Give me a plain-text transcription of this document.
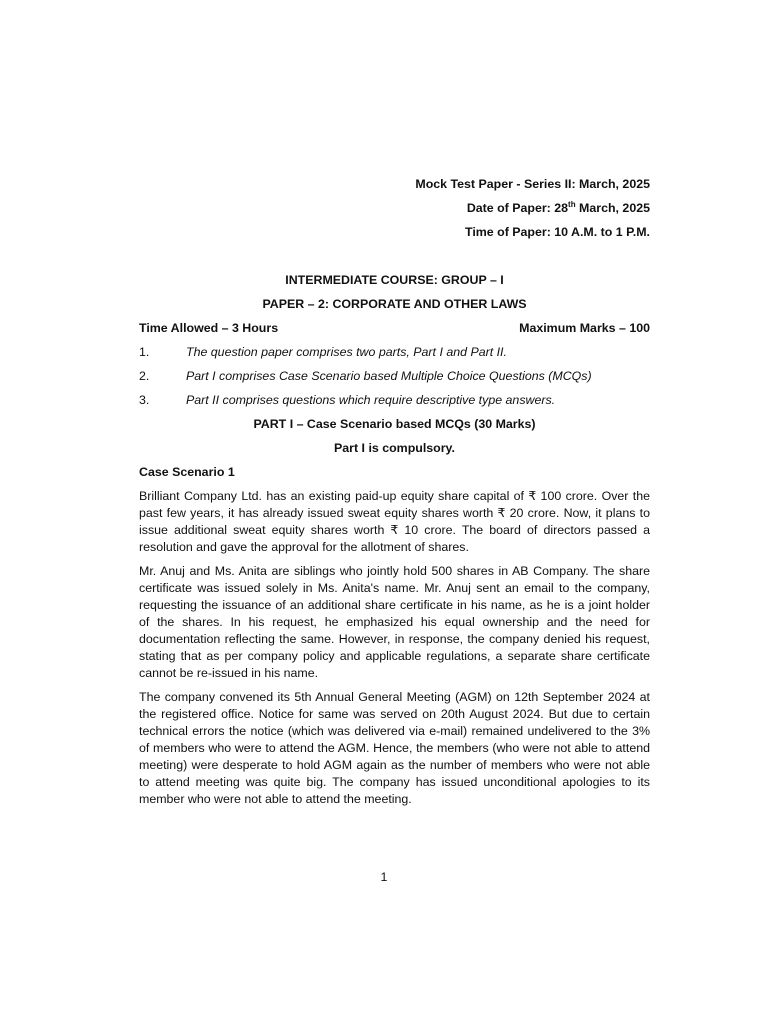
Mock Test Paper - Series II: March, 2025
Date of Paper: 28th March, 2025
Time of Paper: 10 A.M. to 1 P.M.
INTERMEDIATE COURSE: GROUP – I
PAPER – 2: CORPORATE AND OTHER LAWS
Time Allowed – 3 Hours	Maximum Marks – 100
1.	The question paper comprises two parts, Part I and Part II.
2.	Part I comprises Case Scenario based Multiple Choice Questions (MCQs)
3.	Part II comprises questions which require descriptive type answers.
PART I – Case Scenario based MCQs (30 Marks)
Part I is compulsory.
Case Scenario 1

Brilliant Company Ltd. has an existing paid-up equity share capital of ₹ 100 crore. Over the past few years, it has already issued sweat equity shares worth ₹ 20 crore. Now, it plans to issue additional sweat equity shares worth ₹ 10 crore. The board of directors passed a resolution and gave the approval for the allotment of shares.

Mr. Anuj and Ms. Anita are siblings who jointly hold 500 shares in AB Company. The share certificate was issued solely in Ms. Anita's name. Mr. Anuj sent an email to the company, requesting the issuance of an additional share certificate in his name, as he is a joint holder of the shares. In his request, he emphasized his equal ownership and the need for documentation reflecting the same. However, in response, the company denied his request, stating that as per company policy and applicable regulations, a separate share certificate cannot be re-issued in his name.

The company convened its 5th Annual General Meeting (AGM) on 12th September 2024 at the registered office. Notice for same was served on 20th August 2024. But due to certain technical errors the notice (which was delivered via e-mail) remained undelivered to the 3% of members who were to attend the AGM. Hence, the members (who were not able to attend meeting) were desperate to hold AGM again as the number of members who were not able to attend meeting was quite big. The company has issued unconditional apologies to its member who were not able to attend the meeting.

1
